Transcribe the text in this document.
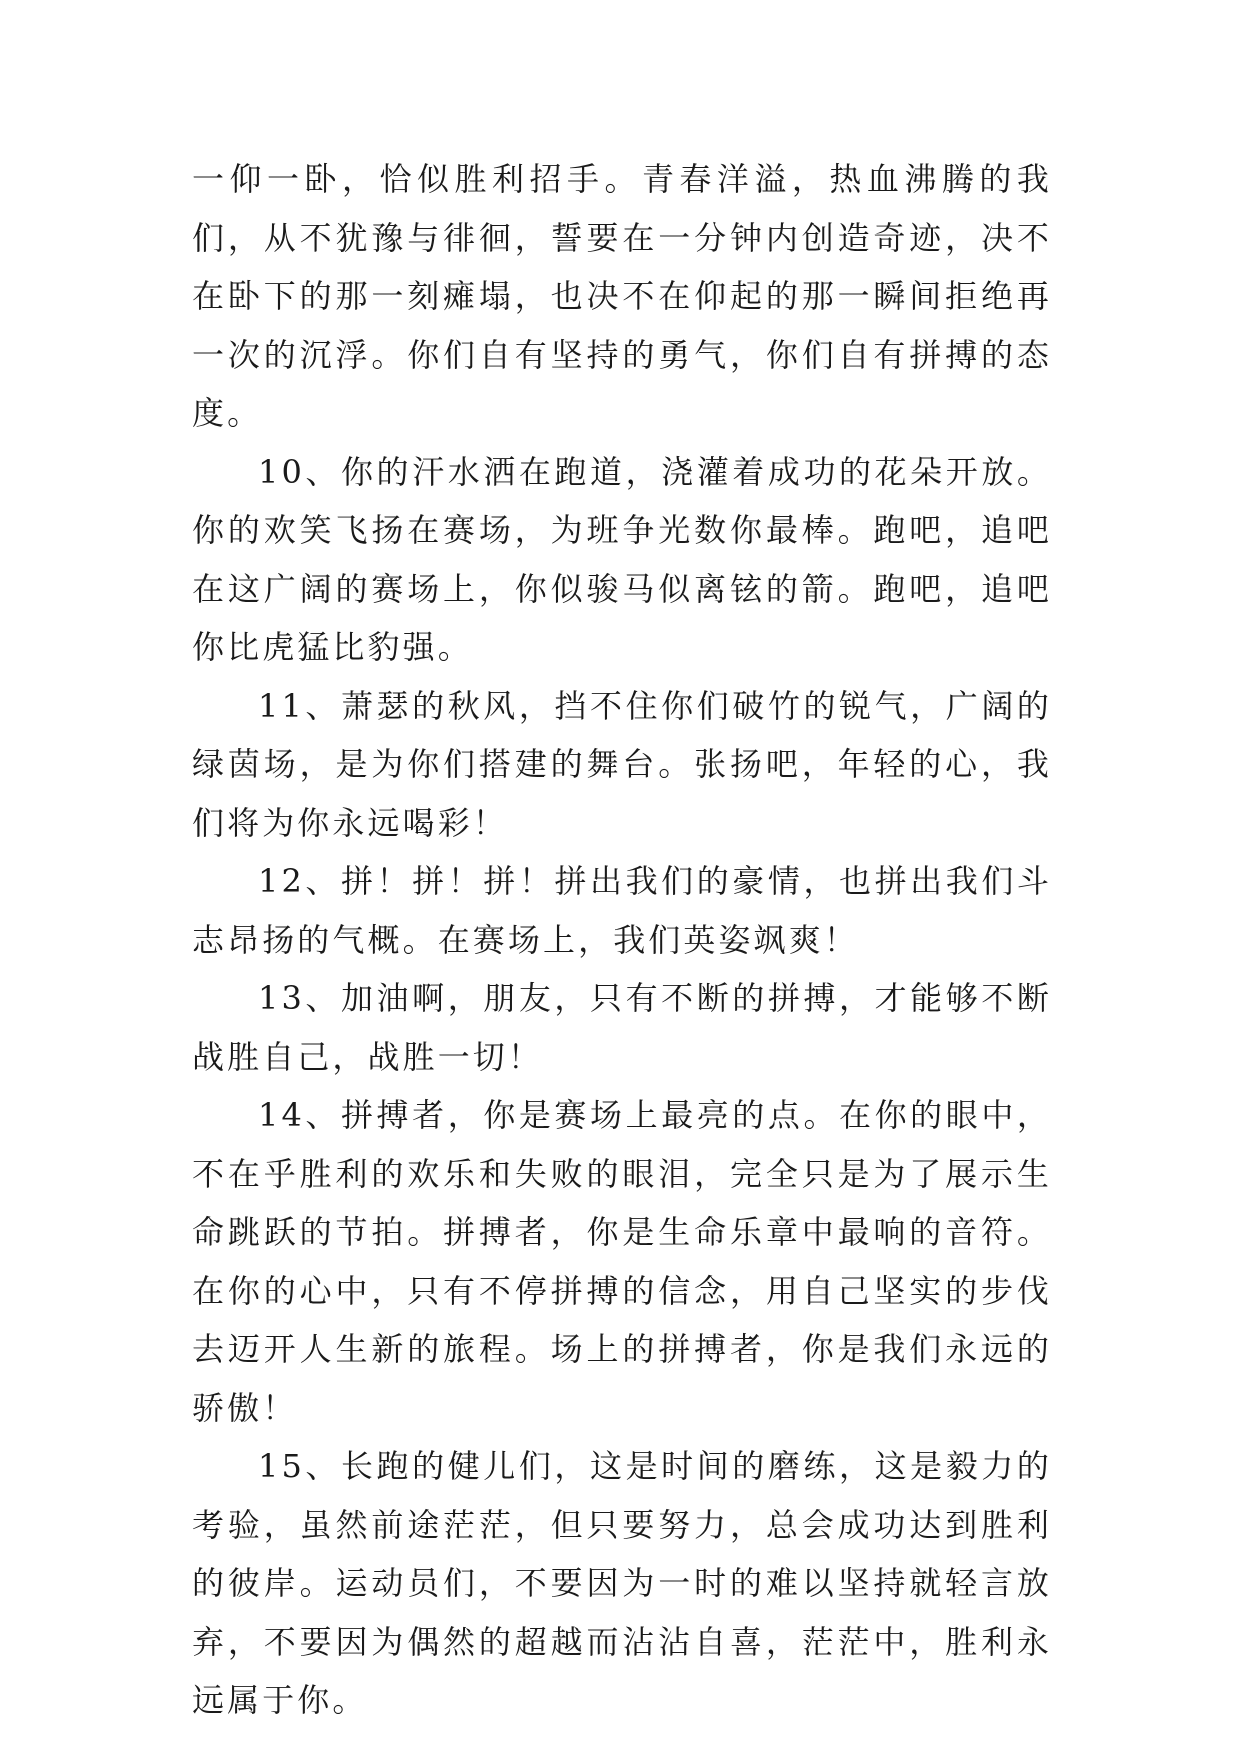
一仰一卧，恰似胜利招手。青春洋溢，热血沸腾的我们，从不犹豫与徘徊，誓要在一分钟内创造奇迹，决不在卧下的那一刻瘫塌，也决不在仰起的那一瞬间拒绝再一次的沉浮。你们自有坚持的勇气，你们自有拼搏的态度。

10、你的汗水洒在跑道，浇灌着成功的花朵开放。你的欢笑飞扬在赛场，为班争光数你最棒。跑吧，追吧在这广阔的赛场上，你似骏马似离铉的箭。跑吧，追吧你比虎猛比豹强。

11、萧瑟的秋风，挡不住你们破竹的锐气，广阔的绿茵场，是为你们搭建的舞台。张扬吧，年轻的心，我们将为你永远喝彩！

12、拼！拼！拼！拼出我们的豪情，也拼出我们斗志昂扬的气概。在赛场上，我们英姿飒爽！

13、加油啊，朋友，只有不断的拼搏，才能够不断战胜自己，战胜一切！

14、拼搏者，你是赛场上最亮的点。在你的眼中，不在乎胜利的欢乐和失败的眼泪，完全只是为了展示生命跳跃的节拍。拼搏者，你是生命乐章中最响的音符。在你的心中，只有不停拼搏的信念，用自己坚实的步伐去迈开人生新的旅程。场上的拼搏者，你是我们永远的骄傲！

15、长跑的健儿们，这是时间的磨练，这是毅力的考验，虽然前途茫茫，但只要努力，总会成功达到胜利的彼岸。运动员们，不要因为一时的难以坚持就轻言放弃，不要因为偶然的超越而沾沾自喜，茫茫中，胜利永远属于你。
